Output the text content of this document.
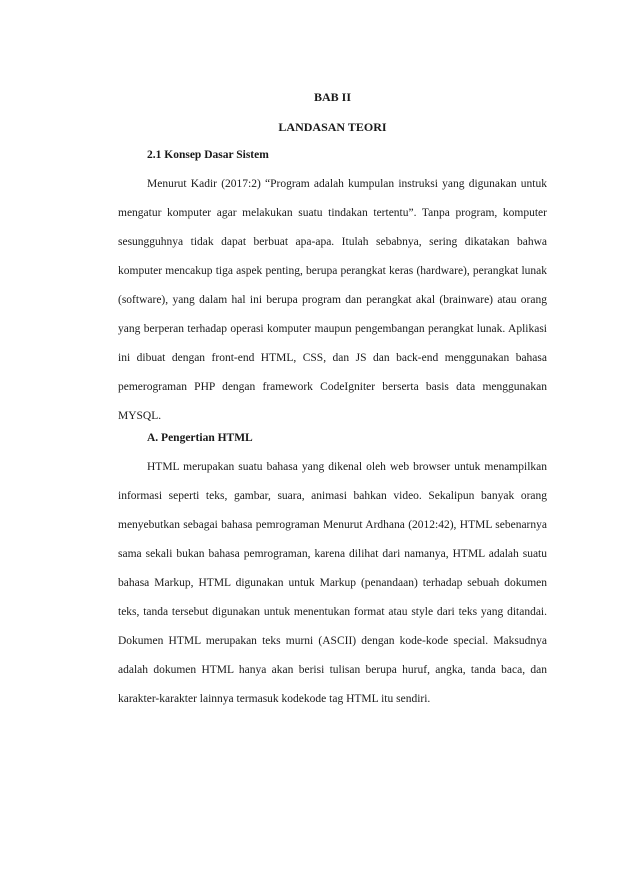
BAB II
LANDASAN TEORI
2.1 Konsep Dasar Sistem

Menurut Kadir (2017:2) “Program adalah kumpulan instruksi yang digunakan untuk mengatur komputer agar melakukan suatu tindakan tertentu”. Tanpa program, komputer sesungguhnya tidak dapat berbuat apa-apa. Itulah sebabnya, sering dikatakan bahwa komputer mencakup tiga aspek penting, berupa perangkat keras (hardware), perangkat lunak (software), yang dalam hal ini berupa program dan perangkat akal (brainware) atau orang yang berperan terhadap operasi komputer maupun pengembangan perangkat lunak. Aplikasi ini dibuat dengan front-end HTML, CSS, dan JS dan back-end menggunakan bahasa pemerograman PHP dengan framework CodeIgniter berserta basis data menggunakan MYSQL.

A. Pengertian HTML

HTML merupakan suatu bahasa yang dikenal oleh web browser untuk menampilkan informasi seperti teks, gambar, suara, animasi bahkan video. Sekalipun banyak orang menyebutkan sebagai bahasa pemrograman Menurut Ardhana (2012:42), HTML sebenarnya sama sekali bukan bahasa pemrograman, karena dilihat dari namanya, HTML adalah suatu bahasa Markup, HTML digunakan untuk Markup (penandaan) terhadap sebuah dokumen teks, tanda tersebut digunakan untuk menentukan format atau style dari teks yang ditandai. Dokumen HTML merupakan teks murni (ASCII) dengan kode-kode special. Maksudnya adalah dokumen HTML hanya akan berisi tulisan berupa huruf, angka, tanda baca, dan karakter-karakter lainnya termasuk kodekode tag HTML itu sendiri.
